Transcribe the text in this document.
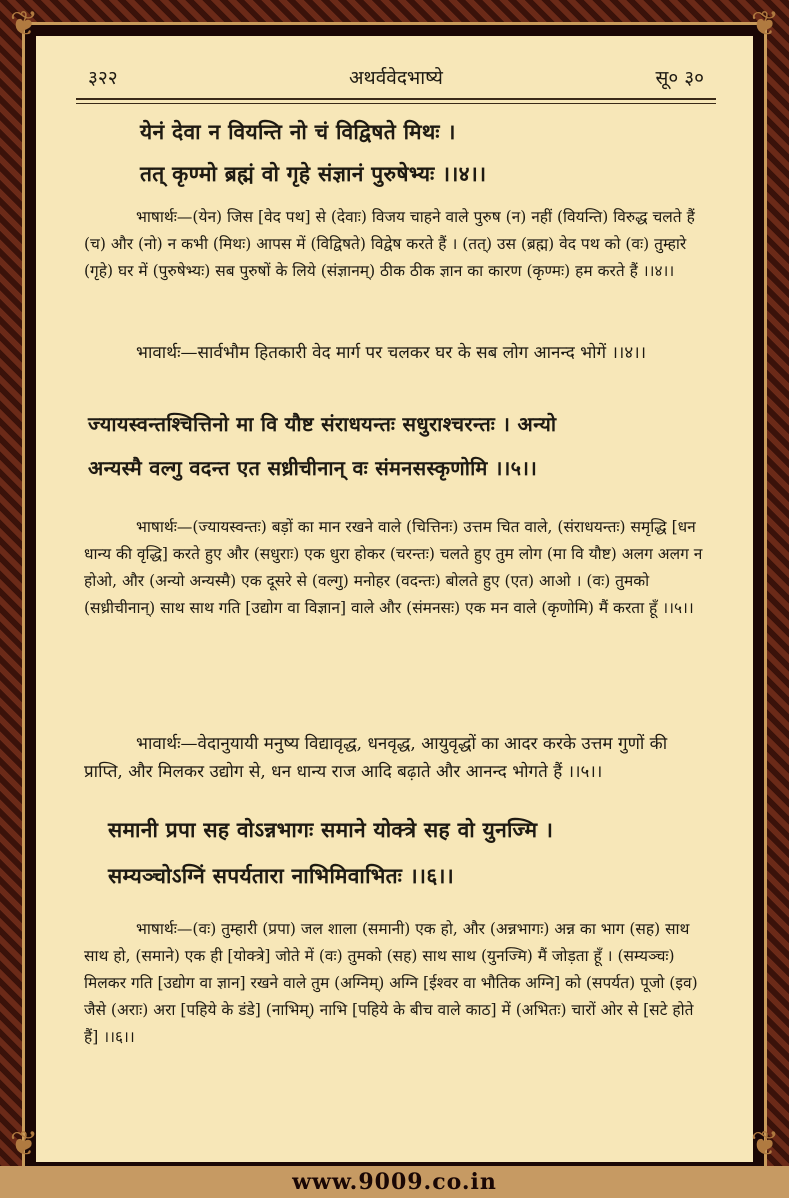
३२२	अथर्ववेदभाष्ये	सू० ३०
येनं देवा न वियन्ति नो चं विद्विषते मिथः ।
तत् कृण्मो ब्रह्मं वो गृहे संज्ञानं पुरुषेभ्यः ।।४।।
भाषार्थः—(येन) जिस [वेद पथ] से (देवाः) विजय चाहने वाले पुरुष (न) नहीं (वियन्ति) विरुद्ध चलते हैं (च) और (नो) न कभी (मिथः) आपस में (विद्विषते) विद्वेष करते हैं । (तत्) उस (ब्रह्म) वेद पथ को (वः) तुम्हारे (गृहे) घर में (पुरुषेभ्यः) सब पुरुषों के लिये (संज्ञानम्) ठीक ठीक ज्ञान का कारण (कृण्मः) हम करते हैं ।।४।।
भावार्थः—सार्वभौम हितकारी वेद मार्ग पर चलकर घर के सब लोग आनन्द भोगें ।।४।।
ज्यायस्वन्तश्चित्तिनो मा वि यौष्ट संराधयन्तः सधुराश्चरन्तः । अन्यो
अन्यस्मै वल्गु वदन्त एत सध्रीचीनान् वः संमनसस्कृणोमि ।।५।।
भाषार्थः—(ज्यायस्वन्तः) बड़ों का मान रखने वाले (चित्तिनः) उत्तम चित वाले, (संराधयन्तः) समृद्धि [धन धान्य की वृद्धि] करते हुए और (सधुराः) एक धुरा होकर (चरन्तः) चलते हुए तुम लोग (मा वि यौष्ट) अलग अलग न होओ, और (अन्यो अन्यस्मै) एक दूसरे से (वल्गु) मनोहर (वदन्तः) बोलते हुए (एत) आओ । (वः) तुमको (सध्रीचीनान्) साथ साथ गति [उद्योग वा विज्ञान] वाले और (संमनसः) एक मन वाले (कृणोमि) मैं करता हूँ ।।५।।
भावार्थः—वेदानुयायी मनुष्य विद्यावृद्ध, धनवृद्ध, आयुवृद्धों का आदर करके उत्तम गुणों की प्राप्ति, और मिलकर उद्योग से, धन धान्य राज आदि बढ़ाते और आनन्द भोगते हैं ।।५।।
समानी प्रपा सह वोऽन्नभागः समाने योक्त्रे सह वो युनज्मि ।
सम्यञ्चोऽग्निं सपर्यतारा नाभिमिवाभितः ।।६।।
भाषार्थः—(वः) तुम्हारी (प्रपा) जल शाला (समानी) एक हो, और (अन्नभागः) अन्न का भाग (सह) साथ साथ हो, (समाने) एक ही [योक्त्रे] जोते में (वः) तुमको (सह) साथ साथ (युनज्मि) मैं जोड़ता हूँ । (सम्यञ्चः) मिलकर गति [उद्योग वा ज्ञान] रखने वाले तुम (अग्निम्) अग्नि [ईश्वर वा भौतिक अग्नि] को (सपर्यत) पूजो (इव) जैसे (अराः) अरा [पहिये के डंडे] (नाभिम्) नाभि [पहिये के बीच वाले काठ] में (अभितः) चारों ओर से [सटे होते हैं] ।।६।।
❦	❦
❦	❦
www.9009.co.in
